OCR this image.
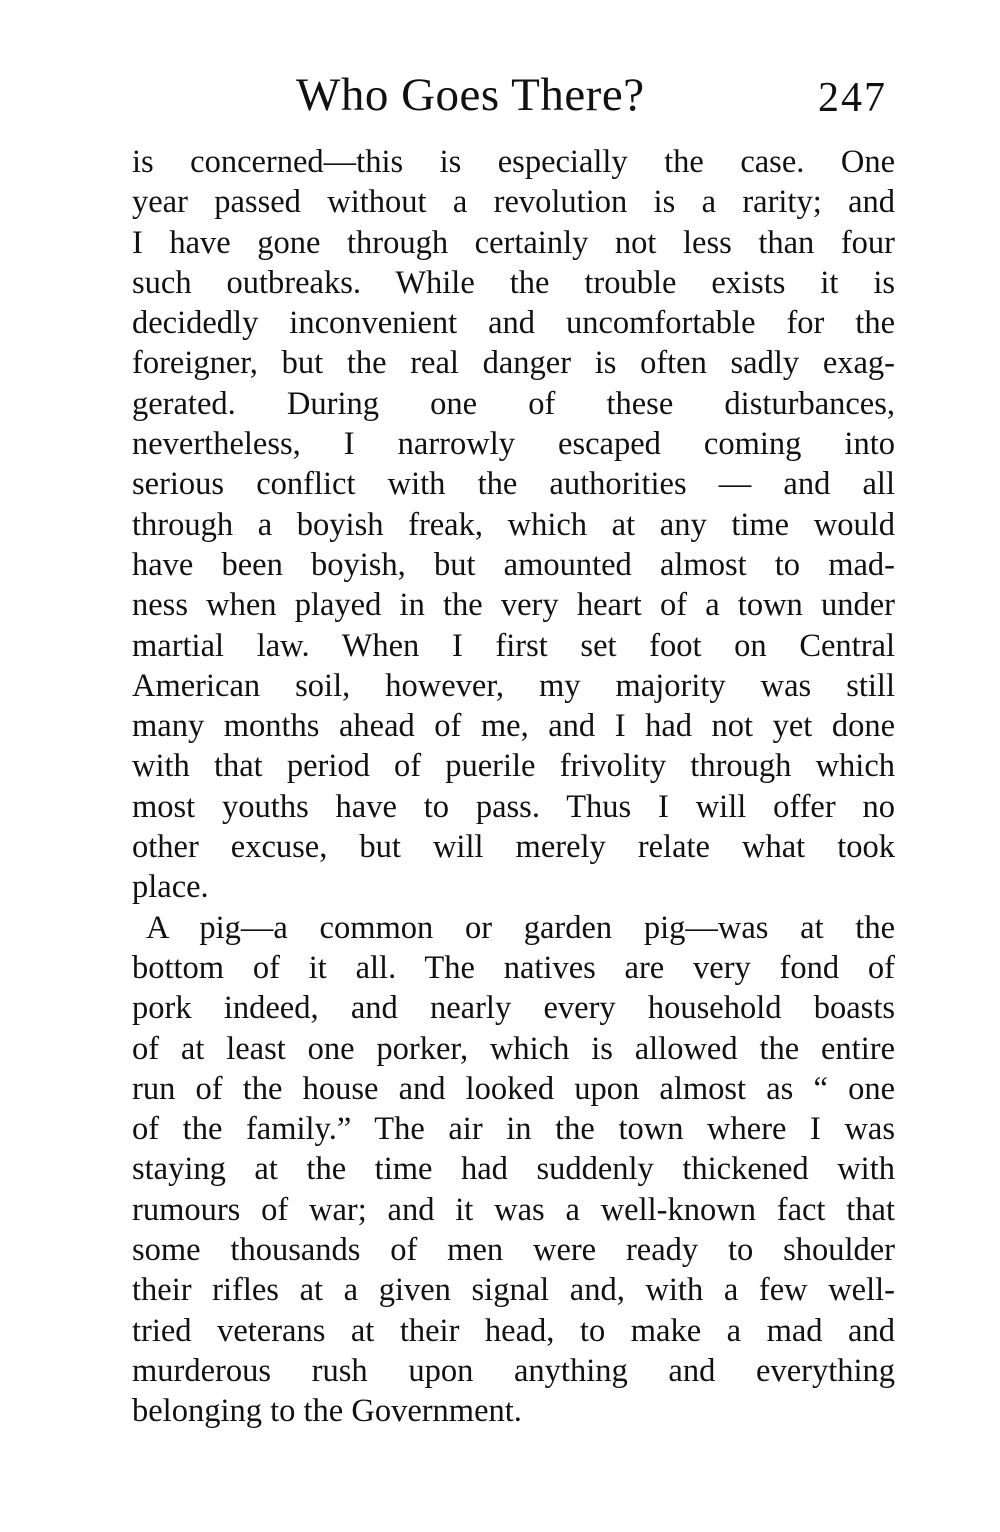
Who Goes There?	247
is concerned—this is especially the case. One
year passed without a revolution is a rarity; and
I have gone through certainly not less than four
such outbreaks. While the trouble exists it is
decidedly inconvenient and uncomfortable for the
foreigner, but the real danger is often sadly exag-
gerated. During one of these disturbances,
nevertheless, I narrowly escaped coming into
serious conflict with the authorities — and all
through a boyish freak, which at any time would
have been boyish, but amounted almost to mad-
ness when played in the very heart of a town under
martial law. When I first set foot on Central
American soil, however, my majority was still
many months ahead of me, and I had not yet done
with that period of puerile frivolity through which
most youths have to pass. Thus I will offer no
other excuse, but will merely relate what took
place.
A pig—a common or garden pig—was at the
bottom of it all. The natives are very fond of
pork indeed, and nearly every household boasts
of at least one porker, which is allowed the entire
run of the house and looked upon almost as “ one
of the family.” The air in the town where I was
staying at the time had suddenly thickened with
rumours of war; and it was a well-known fact that
some thousands of men were ready to shoulder
their rifles at a given signal and, with a few well-
tried veterans at their head, to make a mad and
murderous rush upon anything and everything
belonging to the Government.
